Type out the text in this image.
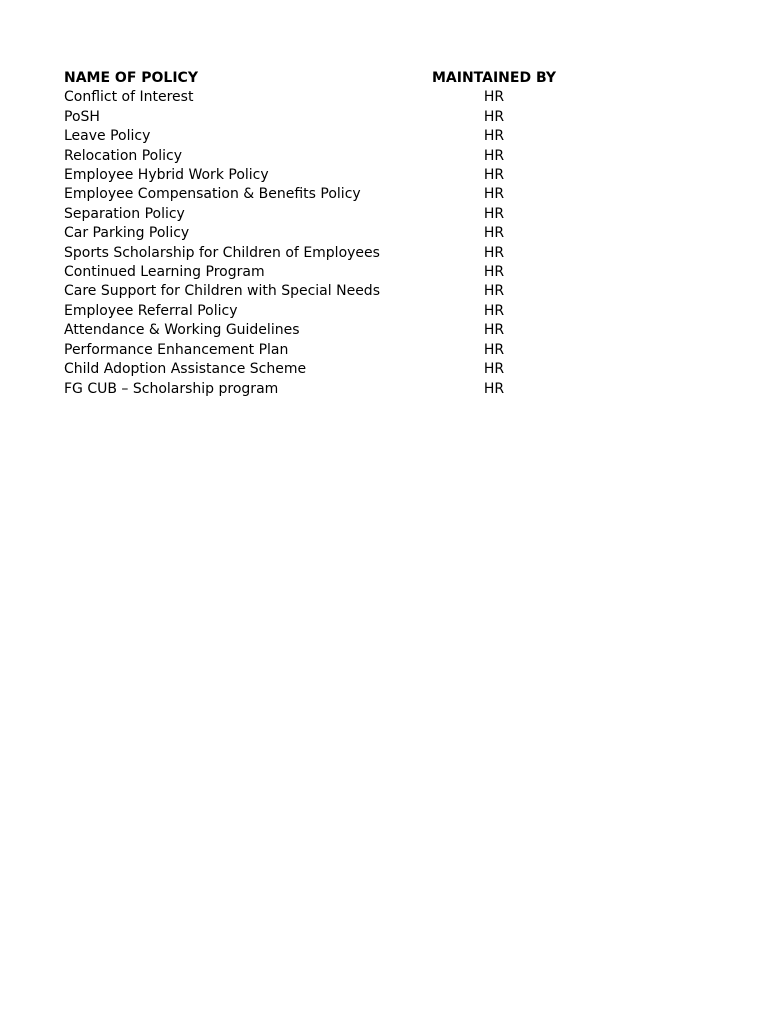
NAME OF POLICY	MAINTAINED BY
Conflict of Interest	HR
PoSH	HR
Leave Policy	HR
Relocation Policy	HR
Employee Hybrid Work Policy	HR
Employee Compensation & Benefits Policy	HR
Separation Policy	HR
Car Parking Policy	HR
Sports Scholarship for Children of Employees	HR
Continued Learning Program	HR
Care Support for Children with Special Needs	HR
Employee Referral Policy	HR
Attendance & Working Guidelines	HR
Performance Enhancement Plan	HR
Child Adoption Assistance Scheme	HR
FG CUB – Scholarship program	HR
